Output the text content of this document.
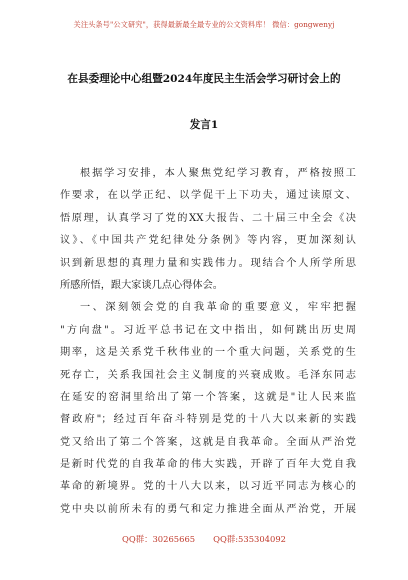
关注头条号"公文研究"，获得最新最全最专业的公文资料库！ 微信：gongwenyj
在县委理论中心组暨2024年度民主生活会学习研讨会上的
发言1
根据学习安排，本人聚焦党纪学习教育，严格按照工
作要求，在以学正纪、以学促干上下功夫，通过读原文、
悟原理，认真学习了党的XX大报告、二十届三中全会《决
议》、《中国共产党纪律处分条例》等内容，更加深刻认
识到新思想的真理力量和实践伟力。现结合个人所学所思
所感所悟，跟大家谈几点心得体会。
一、深刻领会党的自我革命的重要意义，牢牢把握
"方向盘"。习近平总书记在文中指出，如何跳出历史周
期率，这是关系党千秋伟业的一个重大问题，关系党的生
死存亡，关系我国社会主义制度的兴衰成败。毛泽东同志
在延安的窑洞里给出了第一个答案，这就是"让人民来监
督政府"；经过百年奋斗特别是党的十八大以来新的实践
党又给出了第二个答案，这就是自我革命。全面从严治党
是新时代党的自我革命的伟大实践，开辟了百年大党自我
革命的新境界。党的十八大以来，以习近平同志为核心的
党中央以前所未有的勇气和定力推进全面从严治党，开展
QQ群：30265665 QQ群:535304092
